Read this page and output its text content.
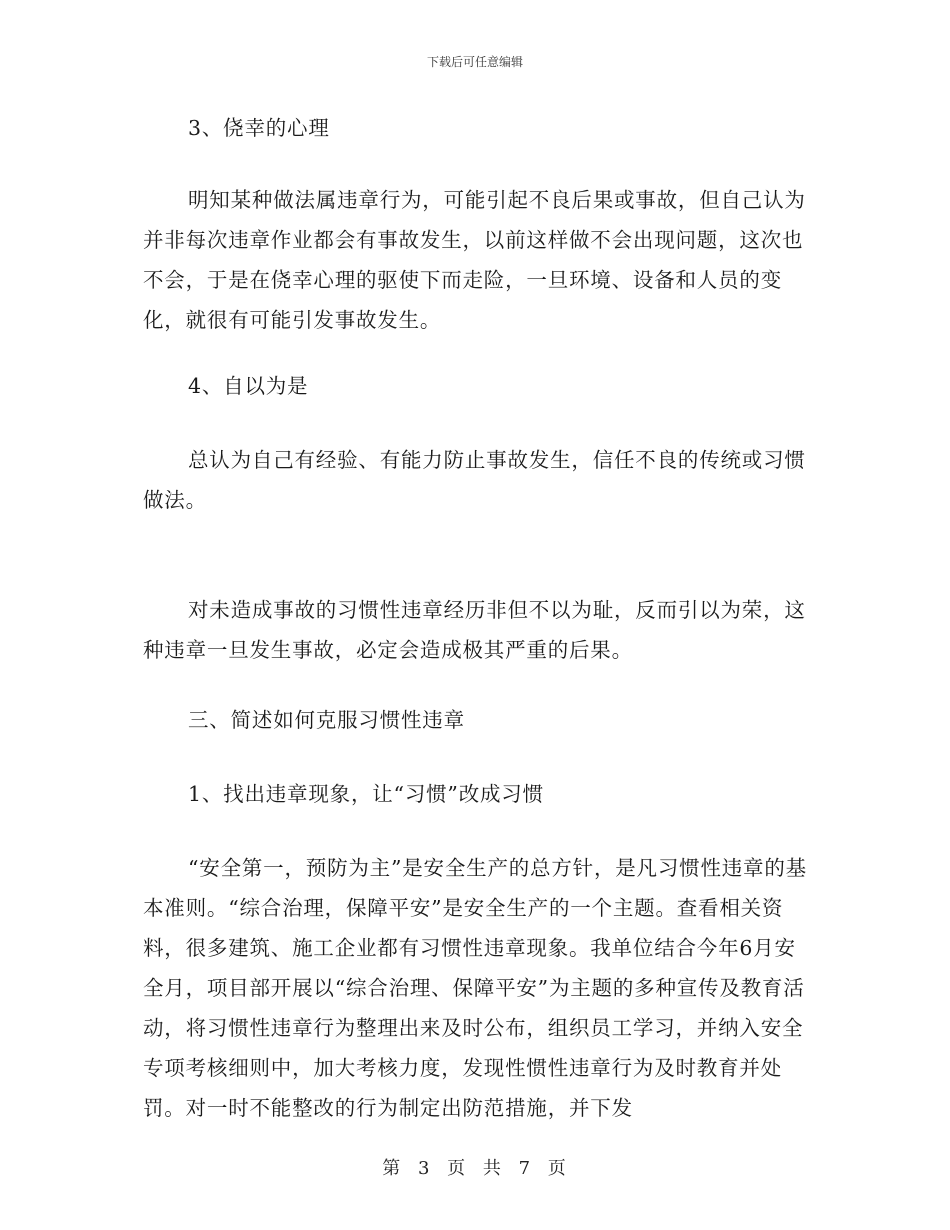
下载后可任意编辑
3、侥幸的心理
明知某种做法属违章行为，可能引起不良后果或事故，但自己认为并非每次违章作业都会有事故发生，以前这样做不会出现问题，这次也不会，于是在侥幸心理的驱使下而走险，一旦环境、设备和人员的变化，就很有可能引发事故发生。
4、自以为是
总认为自己有经验、有能力防止事故发生，信任不良的传统或习惯做法。
对未造成事故的习惯性违章经历非但不以为耻，反而引以为荣，这种违章一旦发生事故，必定会造成极其严重的后果。
三、简述如何克服习惯性违章
1、找出违章现象，让“习惯”改成习惯
“安全第一，预防为主”是安全生产的总方针，是凡习惯性违章的基本准则。“综合治理，保障平安”是安全生产的一个主题。查看相关资料，很多建筑、施工企业都有习惯性违章现象。我单位结合今年6月安全月，项目部开展以“综合治理、保障平安”为主题的多种宣传及教育活动，将习惯性违章行为整理出来及时公布，组织员工学习，并纳入安全专项考核细则中，加大考核力度，发现性惯性违章行为及时教育并处罚。对一时不能整改的行为制定出防范措施，并下发
第 3 页 共 7 页
